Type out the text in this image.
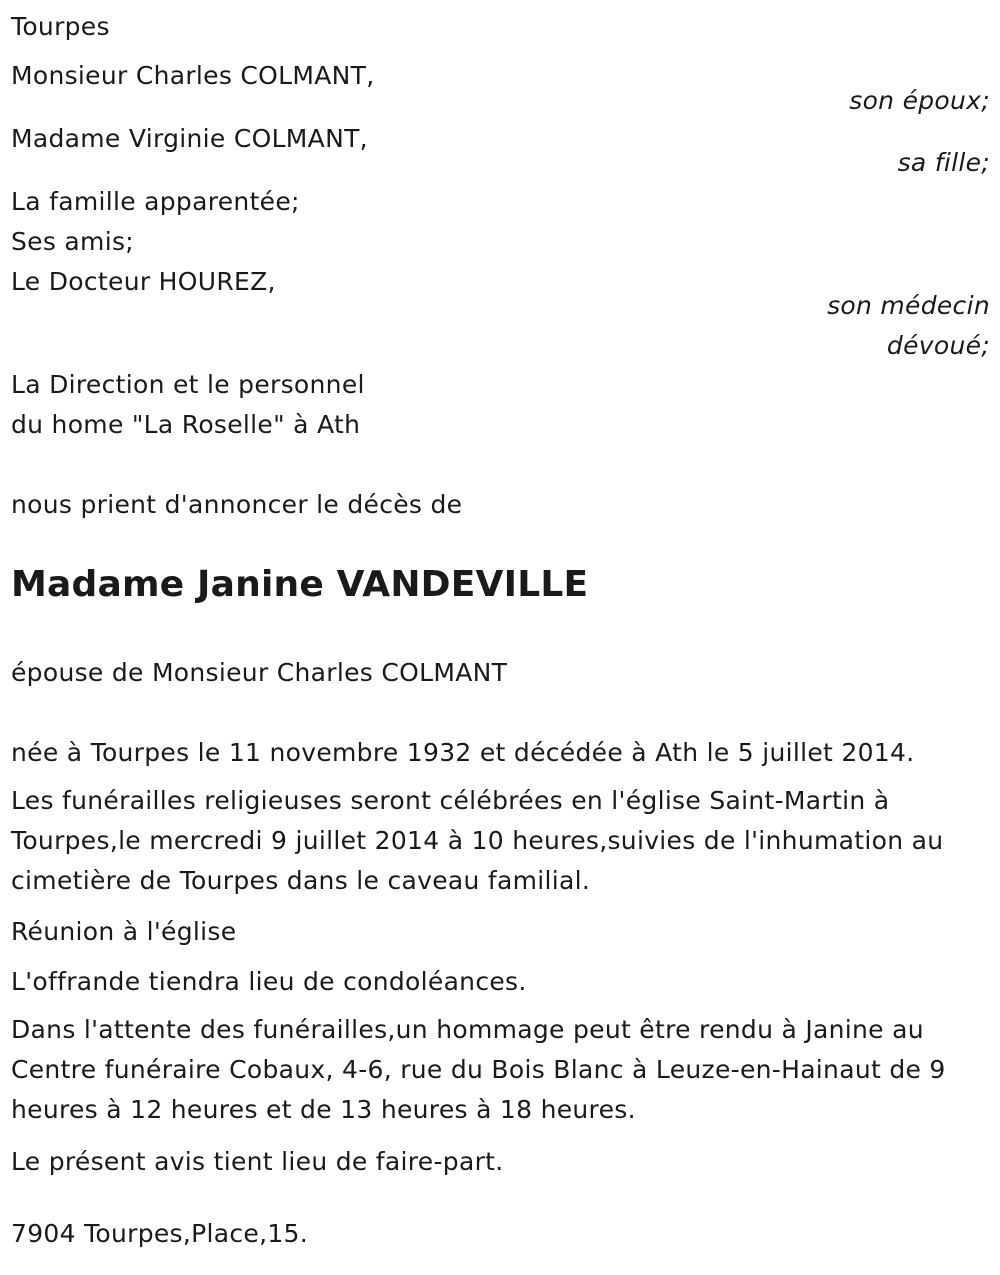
Tourpes
Monsieur Charles COLMANT,
son époux;
Madame Virginie COLMANT,
sa fille;
La famille apparentée;
Ses amis;
Le Docteur HOUREZ,
son médecin
dévoué;
La Direction et le personnel
du home "La Roselle" à Ath
nous prient d'annoncer le décès de
Madame Janine VANDEVILLE
épouse de Monsieur Charles COLMANT
née à Tourpes le 11 novembre 1932 et décédée à Ath le 5 juillet 2014.
Les funérailles religieuses seront célébrées en l'église Saint-Martin à
Tourpes,le mercredi 9 juillet 2014 à 10 heures,suivies de l'inhumation au
cimetière de Tourpes dans le caveau familial.
Réunion à l'église
L'offrande tiendra lieu de condoléances.
Dans l'attente des funérailles,un hommage peut être rendu à Janine au
Centre funéraire Cobaux, 4-6, rue du Bois Blanc à Leuze-en-Hainaut de 9
heures à 12 heures et de 13 heures à 18 heures.
Le présent avis tient lieu de faire-part.
7904 Tourpes,Place,15.
